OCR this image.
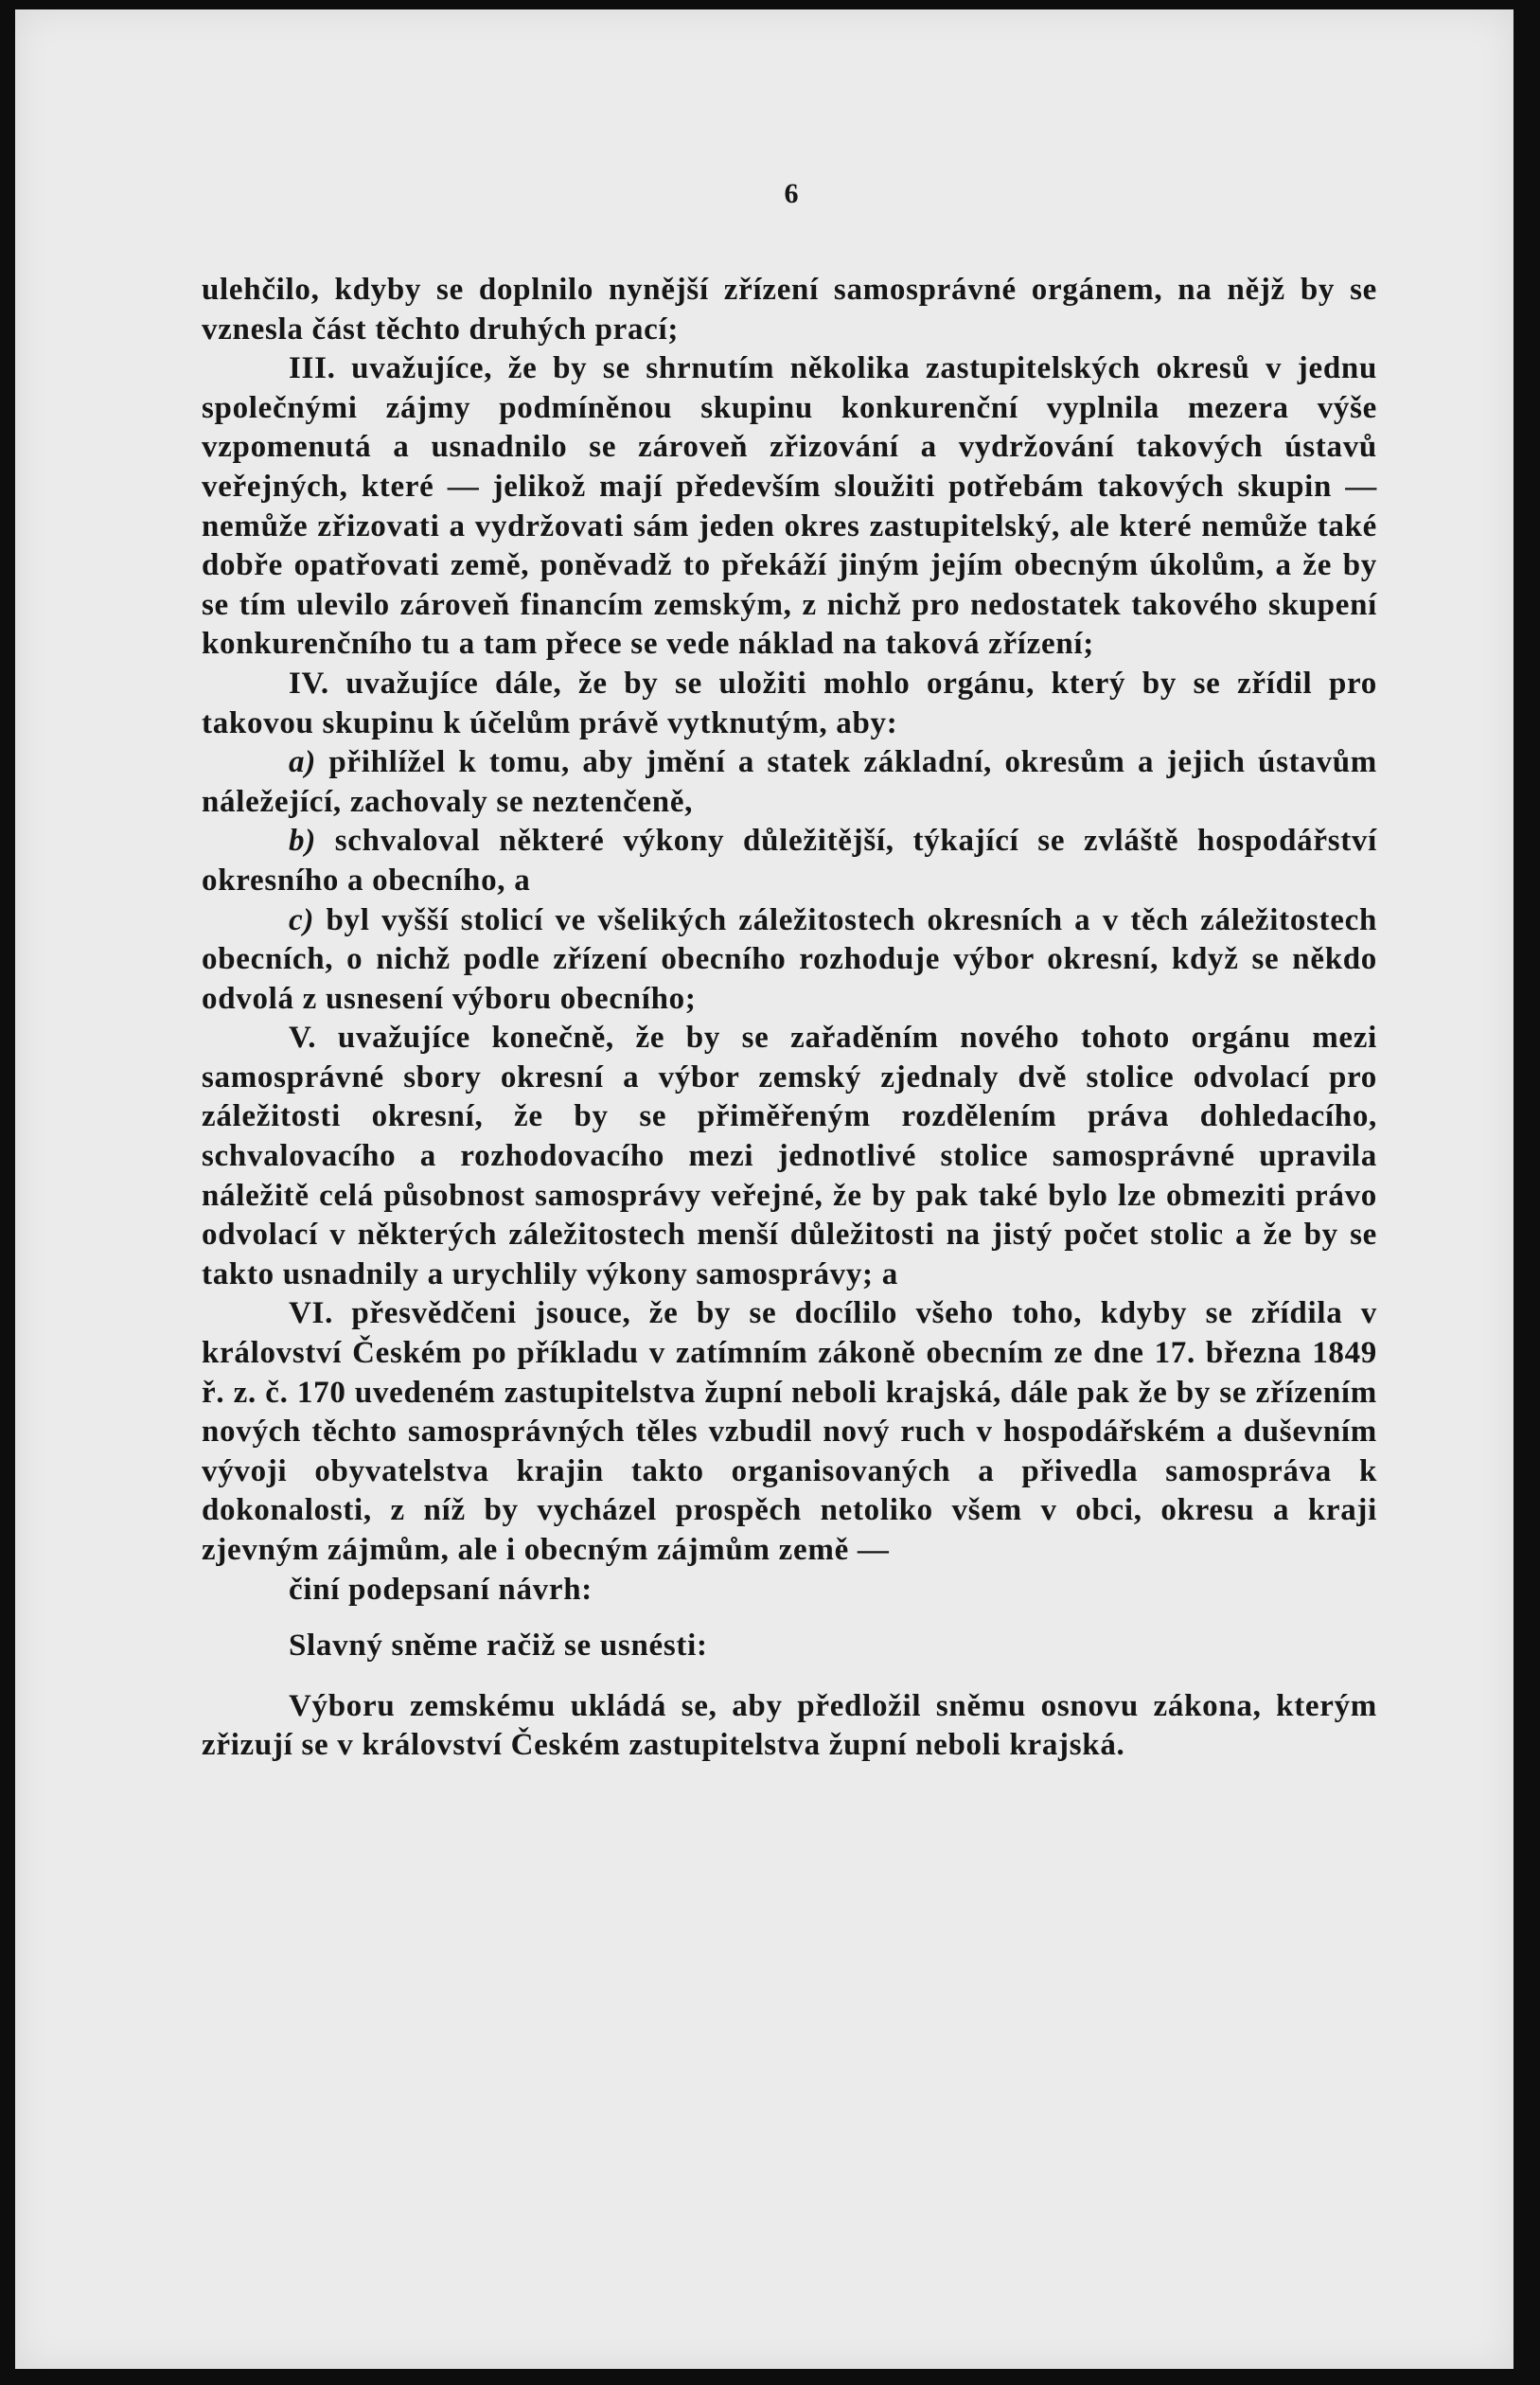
6

ulehčilo, kdyby se doplnilo nynější zřízení samosprávné orgánem, na nějž by se vznesla část těchto druhých prací;

III. uvažujíce, že by se shrnutím několika zastupitelských okresů v jednu společnými zájmy podmíněnou skupinu konkurenční vyplnila mezera výše vzpomenutá a usnadnilo se zároveň zřizování a vydržování takových ústavů veřejných, které — jelikož mají především sloužiti potřebám takových skupin — nemůže zřizovati a vydržovati sám jeden okres zastupitelský, ale které nemůže také dobře opatřovati země, poněvadž to překáží jiným jejím obecným úkolům, a že by se tím ulevilo zároveň financím zemským, z nichž pro nedostatek takového skupení konkurenčního tu a tam přece se vede náklad na taková zřízení;

IV. uvažujíce dále, že by se uložiti mohlo orgánu, který by se zřídil pro takovou skupinu k účelům právě vytknutým, aby:

a) přihlížel k tomu, aby jmění a statek základní, okresům a jejich ústavům náležející, zachovaly se neztenčeně,

b) schvaloval některé výkony důležitější, týkající se zvláště hospodářství okresního a obecního, a

c) byl vyšší stolicí ve všelikých záležitostech okresních a v těch záležitostech obecních, o nichž podle zřízení obecního rozhoduje výbor okresní, když se někdo odvolá z usnesení výboru obecního;

V. uvažujíce konečně, že by se zařaděním nového tohoto orgánu mezi samosprávné sbory okresní a výbor zemský zjednaly dvě stolice odvolací pro záležitosti okresní, že by se přiměřeným rozdělením práva dohledacího, schvalovacího a rozhodovacího mezi jednotlivé stolice samosprávné upravila náležitě celá působnost samosprávy veřejné, že by pak také bylo lze obmeziti právo odvolací v některých záležitostech menší důležitosti na jistý počet stolic a že by se takto usnadnily a urychlily výkony samosprávy; a

VI. přesvědčeni jsouce, že by se docílilo všeho toho, kdyby se zřídila v království Českém po příkladu v zatímním zákoně obecním ze dne 17. března 1849 ř. z. č. 170 uvedeném zastupitelstva župní neboli krajská, dále pak že by se zřízením nových těchto samosprávných těles vzbudil nový ruch v hospodářském a duševním vývoji obyvatelstva krajin takto organisovaných a přivedla samospráva k dokonalosti, z níž by vycházel prospěch netoliko všem v obci, okresu a kraji zjevným zájmům, ale i obecným zájmům země —

činí podepsaní návrh:

Slavný sněme račiž se usnésti:

Výboru zemskému ukládá se, aby předložil sněmu osnovu zákona, kterým zřizují se v království Českém zastupitelstva župní neboli krajská.
